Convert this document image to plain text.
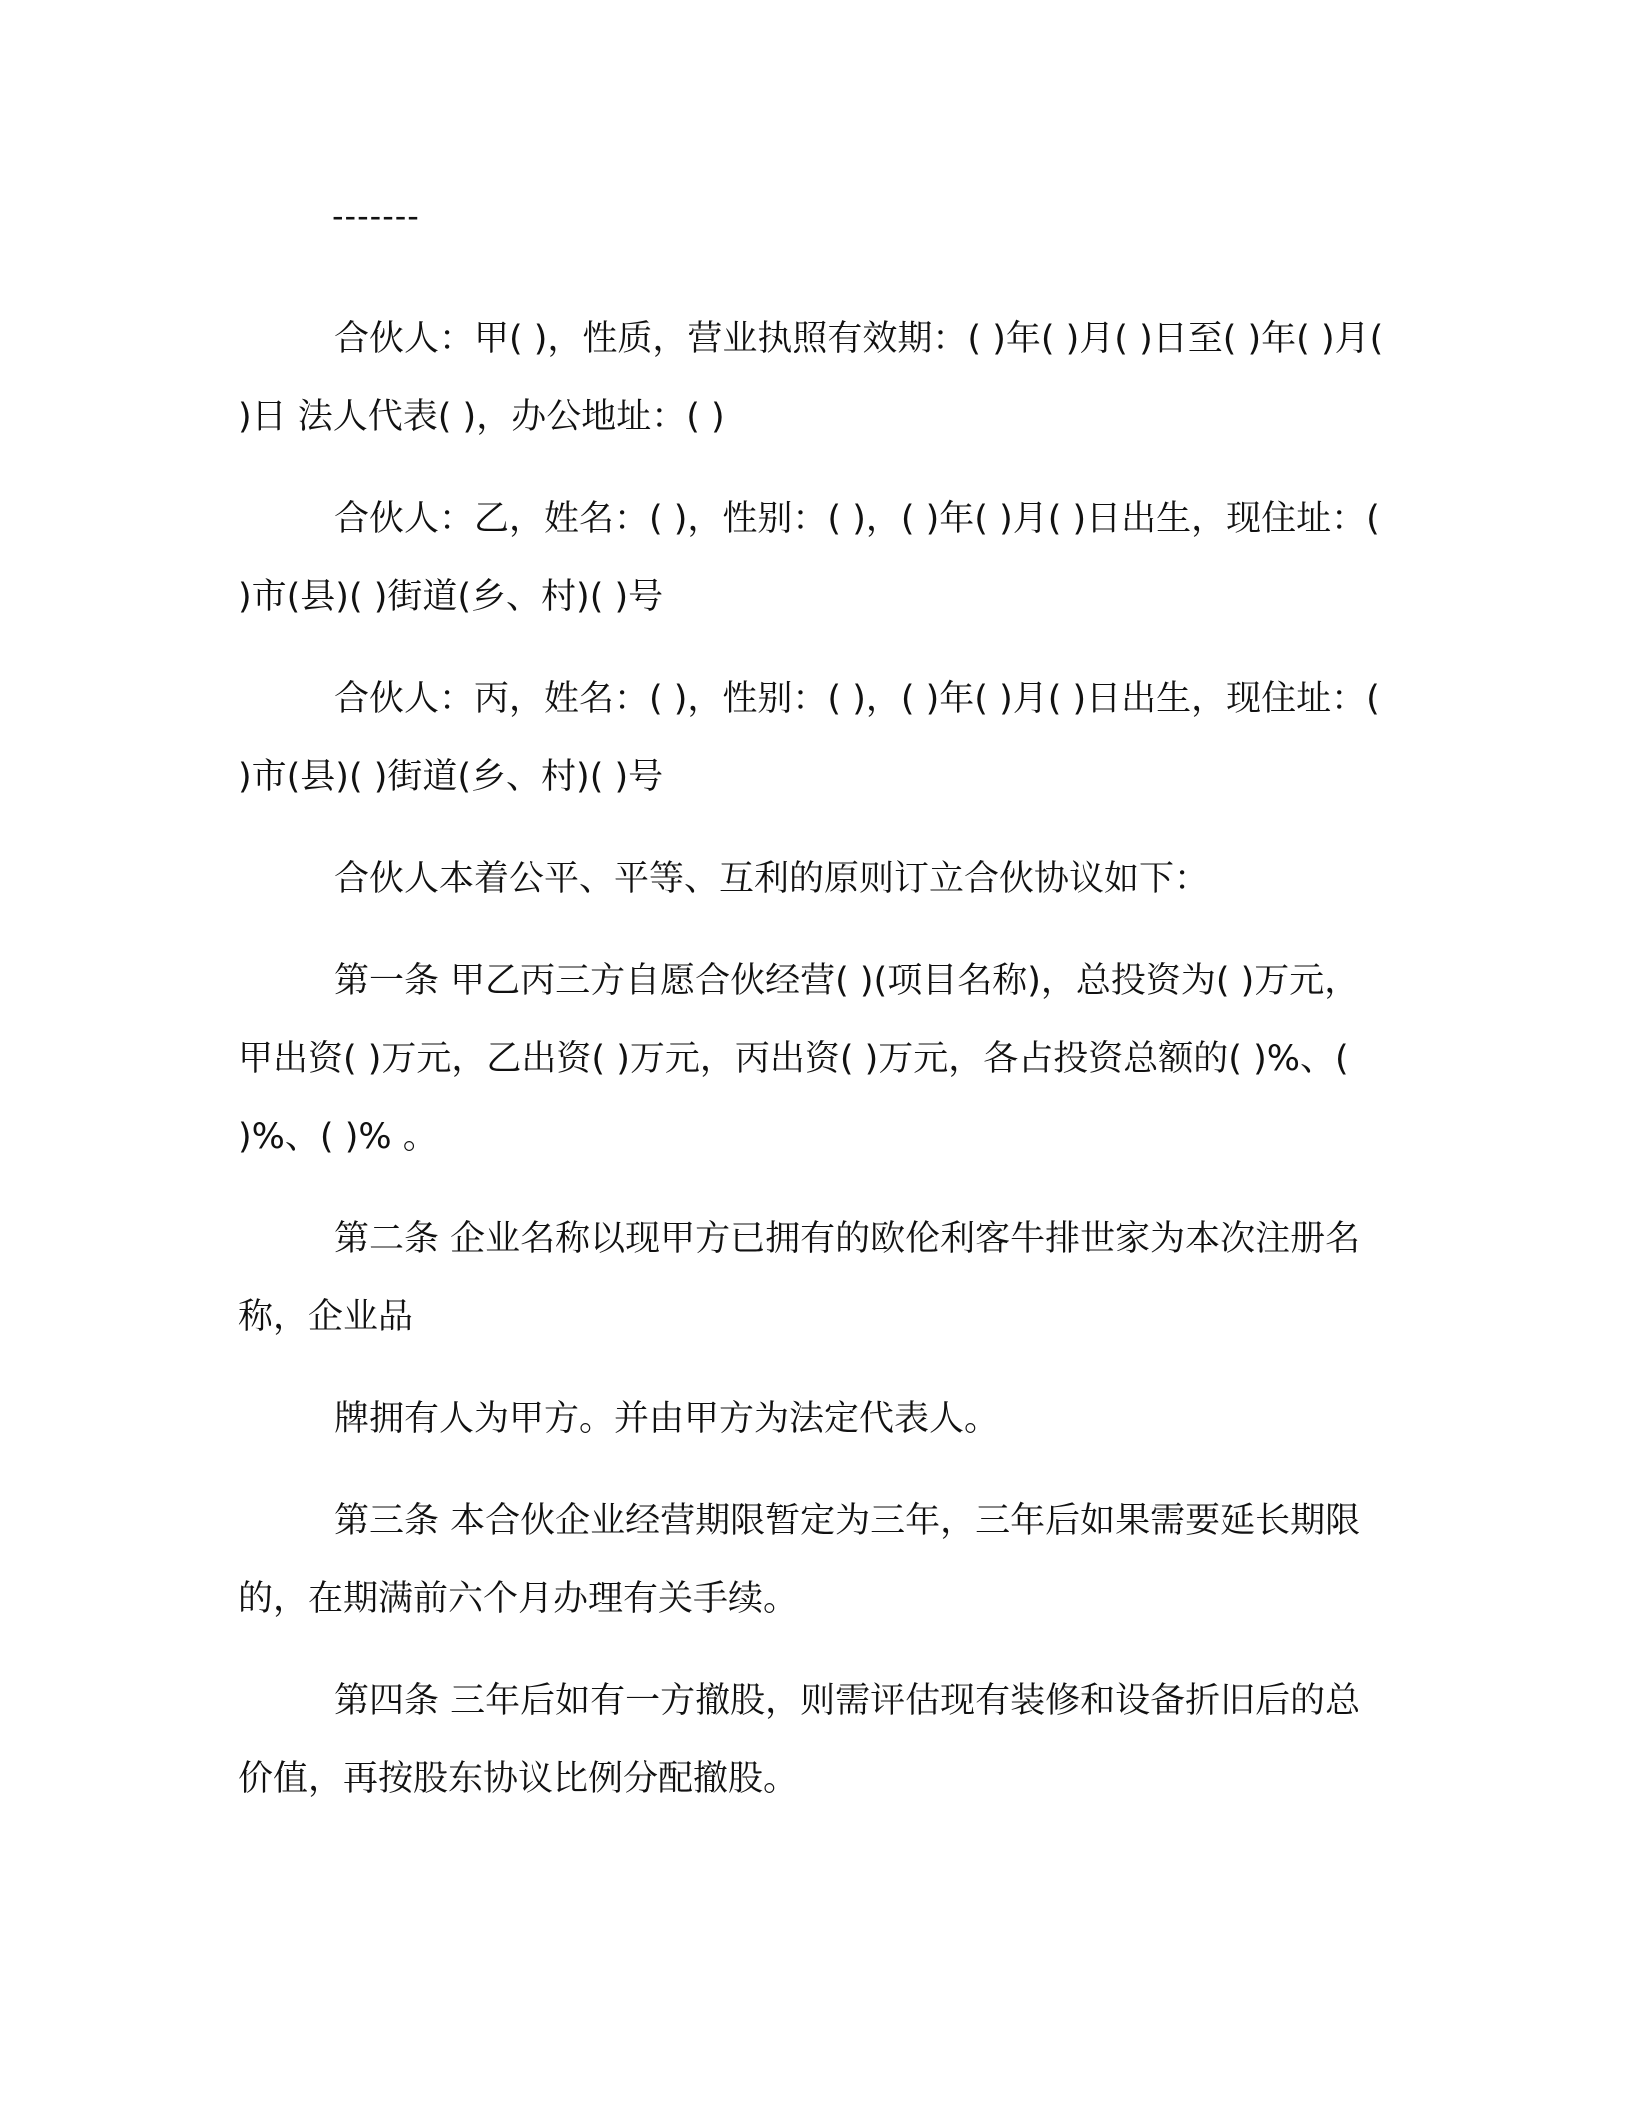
-------

合伙人：甲( )，性质，营业执照有效期：( )年( )月( )日至( )年( )月( )日 法人代表( )，办公地址：( )

合伙人：乙，姓名：( )，性别：( )，( )年( )月( )日出生，现住址：( )市(县)( )街道(乡、村)( )号

合伙人：丙，姓名：( )，性别：( )，( )年( )月( )日出生，现住址：( )市(县)( )街道(乡、村)( )号

合伙人本着公平、平等、互利的原则订立合伙协议如下：

第一条 甲乙丙三方自愿合伙经营( )(项目名称)，总投资为( )万元，甲出资( )万元，乙出资( )万元，丙出资( )万元，各占投资总额的( )%、( )%、( )% 。

第二条 企业名称以现甲方已拥有的欧伦利客牛排世家为本次注册名称，企业品

牌拥有人为甲方。并由甲方为法定代表人。

第三条 本合伙企业经营期限暂定为三年，三年后如果需要延长期限的，在期满前六个月办理有关手续。

第四条 三年后如有一方撤股，则需评估现有装修和设备折旧后的总价值，再按股东协议比例分配撤股。
